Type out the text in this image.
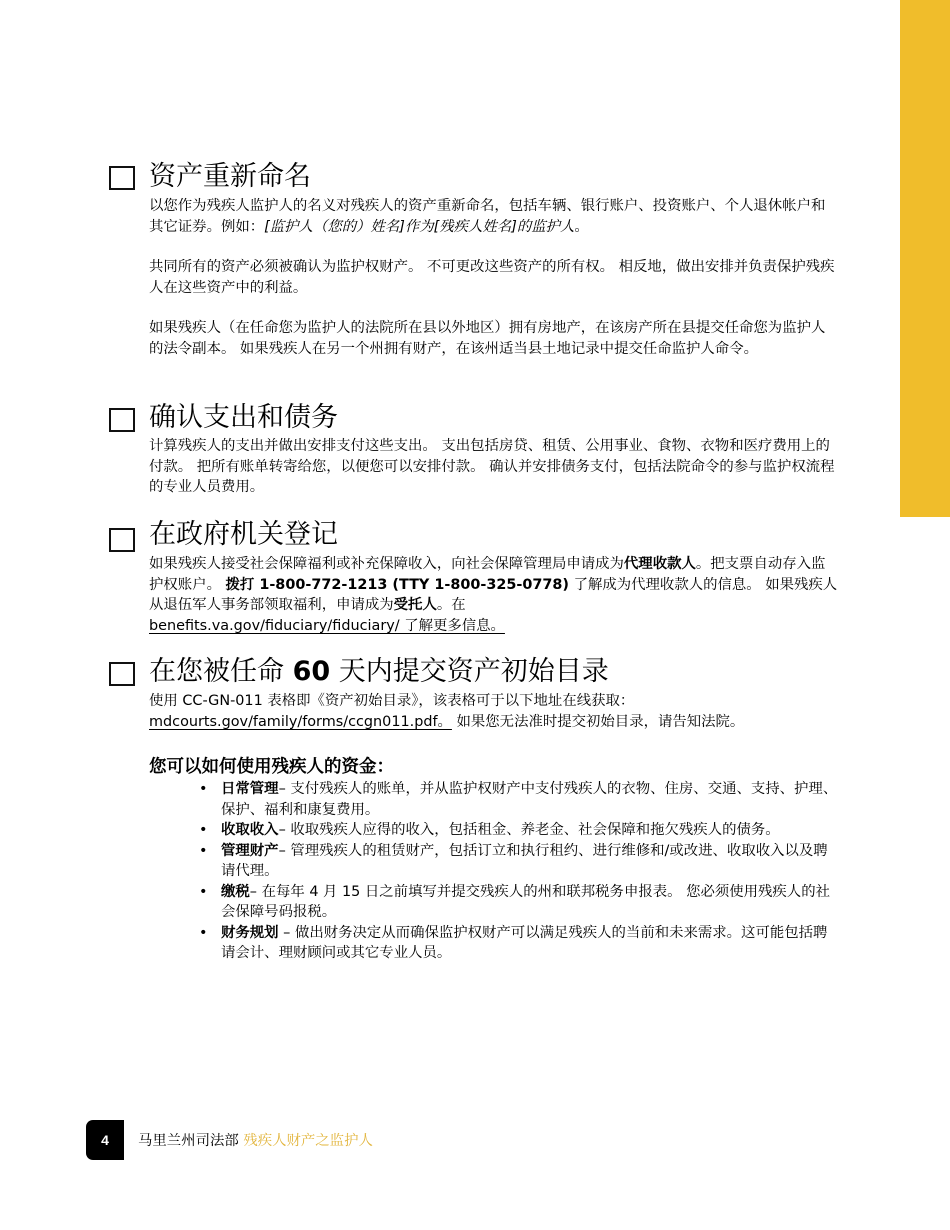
资产重新命名

以您作为残疾人监护人的名义对残疾人的资产重新命名，包括车辆、银行账户、投资账户、个人退休帐户和其它证券。例如：[监护人（您的）姓名]作为[残疾人姓名]的监护人。

共同所有的资产必须被确认为监护权财产。 不可更改这些资产的所有权。 相反地，做出安排并负责保护残疾人在这些资产中的利益。

如果残疾人（在任命您为监护人的法院所在县以外地区）拥有房地产，在该房产所在县提交任命您为监护人的法令副本。 如果残疾人在另一个州拥有财产，在该州适当县土地记录中提交任命监护人命令。

确认支出和债务

计算残疾人的支出并做出安排支付这些支出。 支出包括房贷、租赁、公用事业、食物、衣物和医疗费用上的付款。 把所有账单转寄给您，以便您可以安排付款。 确认并安排债务支付，包括法院命令的参与监护权流程的专业人员费用。

在政府机关登记

如果残疾人接受社会保障福利或补充保障收入，向社会保障管理局申请成为代理收款人。把支票自动存入监护权账户。 拨打 1-800-772-1213 (TTY 1-800-325-0778) 了解成为代理收款人的信息。 如果残疾人从退伍军人事务部领取福利，申请成为受托人。在
benefits.va.gov/fiduciary/fiduciary/ 了解更多信息。

在您被任命 60 天内提交资产初始目录

使用 CC-GN-011 表格即《资产初始目录》，该表格可于以下地址在线获取：
mdcourts.gov/family/forms/ccgn011.pdf。 如果您无法准时提交初始目录，请告知法院。

您可以如何使用残疾人的资金：
• 日常管理– 支付残疾人的账单，并从监护权财产中支付残疾人的衣物、住房、交通、支持、护理、保护、福利和康复费用。
• 收取收入– 收取残疾人应得的收入，包括租金、养老金、社会保障和拖欠残疾人的债务。
• 管理财产– 管理残疾人的租赁财产，包括订立和执行租约、进行维修和/或改进、收取收入以及聘请代理。
• 缴税– 在每年 4 月 15 日之前填写并提交残疾人的州和联邦税务申报表。 您必须使用残疾人的社会保障号码报税。
• 财务规划 – 做出财务决定从而确保监护权财产可以满足残疾人的当前和未来需求。这可能包括聘请会计、理财顾问或其它专业人员。
4 马里兰州司法部 残疾人财产之监护人
